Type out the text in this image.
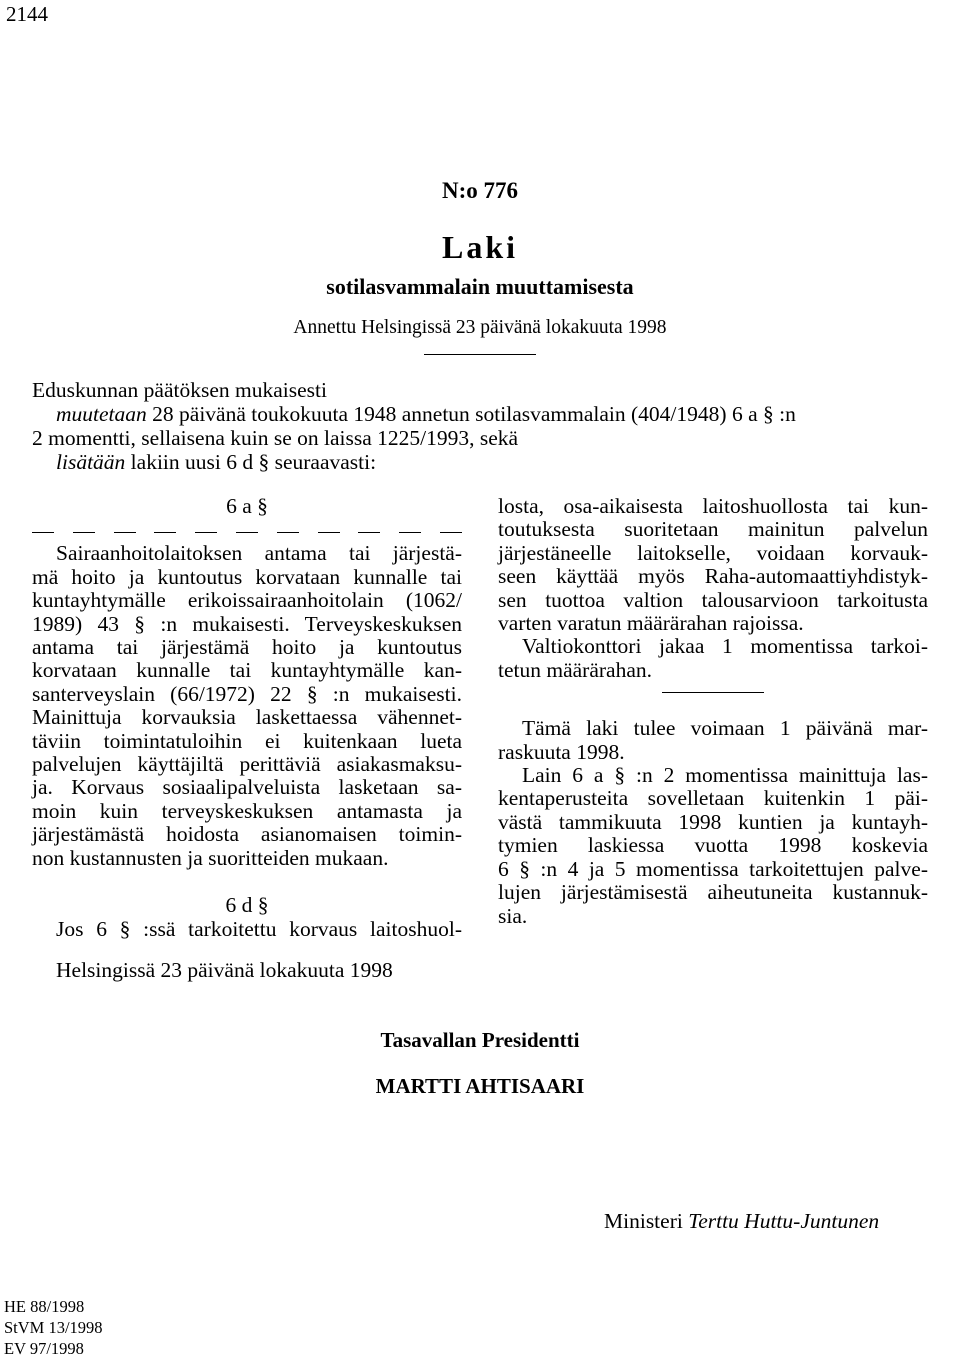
2144
N:o 776
Laki
sotilasvammalain muuttamisesta
Annettu Helsingissä 23 päivänä lokakuuta 1998
Eduskunnan päätöksen mukaisesti
muutetaan 28 päivänä toukokuuta 1948 annetun sotilasvammalain (404/1948) 6 a § :n
2 momentti, sellaisena kuin se on laissa 1225/1993, sekä
lisätään lakiin uusi 6 d § seuraavasti:
6 a §
Sairaanhoitolaitoksen antama tai järjestä-
mä hoito ja kuntoutus korvataan kunnalle tai
kuntayhtymälle erikoissairaanhoitolain (1062/
1989) 43 § :n mukaisesti. Terveyskeskuksen
antama tai järjestämä hoito ja kuntoutus
korvataan kunnalle tai kuntayhtymälle kan-
santerveyslain (66/1972) 22 § :n mukaisesti.
Mainittuja korvauksia laskettaessa vähennet-
täviin toimintatuloihin ei kuitenkaan lueta
palvelujen käyttäjiltä perittäviä asiakasmaksu-
ja. Korvaus sosiaalipalveluista lasketaan sa-
moin kuin terveyskeskuksen antamasta ja
järjestämästä hoidosta asianomaisen toimin-
non kustannusten ja suoritteiden mukaan.
6 d §
Jos 6 § :ssä tarkoitettu korvaus laitoshuol-
losta, osa-aikaisesta laitoshuollosta tai kun-
toutuksesta suoritetaan mainitun palvelun
järjestäneelle laitokselle, voidaan korvauk-
seen käyttää myös Raha-automaattiyhdistyk-
sen tuottoa valtion talousarvioon tarkoitusta
varten varatun määrärahan rajoissa.
Valtiokonttori jakaa 1 momentissa tarkoi-
tetun määrärahan.
Tämä laki tulee voimaan 1 päivänä mar-
raskuuta 1998.
Lain 6 a § :n 2 momentissa mainittuja las-
kentaperusteita sovelletaan kuitenkin 1 päi-
västä tammikuuta 1998 kuntien ja kuntayh-
tymien laskiessa vuotta 1998 koskevia
6 § :n 4 ja 5 momentissa tarkoitettujen palve-
lujen järjestämisestä aiheutuneita kustannuk-
sia.
Helsingissä 23 päivänä lokakuuta 1998
Tasavallan Presidentti
MARTTI AHTISAARI
Ministeri Terttu Huttu-Juntunen
HE 88/1998
StVM 13/1998
EV 97/1998
